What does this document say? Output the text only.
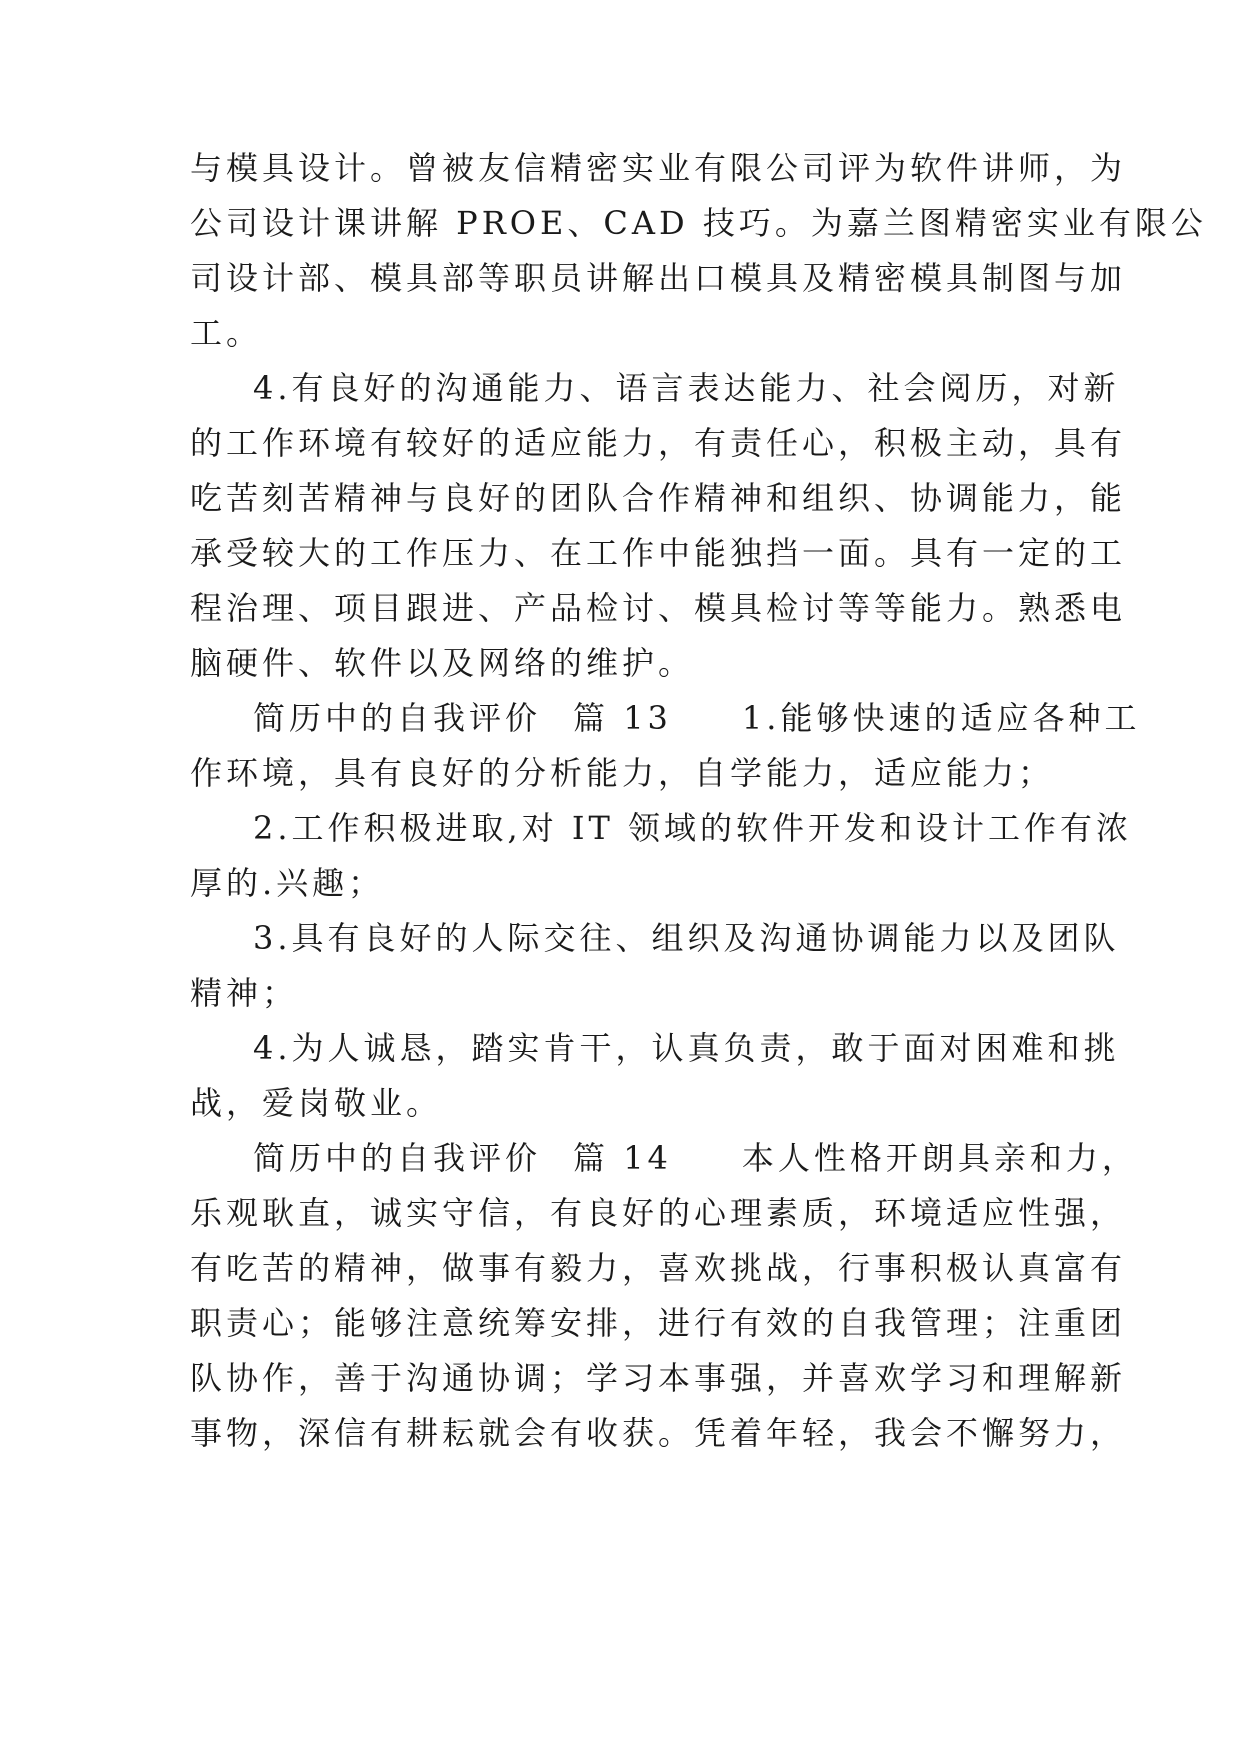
与模具设计。曾被友信精密实业有限公司评为软件讲师，为
公司设计课讲解 PROE、CAD 技巧。为嘉兰图精密实业有限公
司设计部、模具部等职员讲解出口模具及精密模具制图与加
工。
4.有良好的沟通能力、语言表达能力、社会阅历，对新
的工作环境有较好的适应能力，有责任心，积极主动，具有
吃苦刻苦精神与良好的团队合作精神和组织、协调能力，能
承受较大的工作压力、在工作中能独挡一面。具有一定的工
程治理、项目跟进、产品检讨、模具检讨等等能力。熟悉电
脑硬件、软件以及网络的维护。
简历中的自我评价 篇 13 1.能够快速的适应各种工
作环境，具有良好的分析能力，自学能力，适应能力；
2.工作积极进取,对 IT 领域的软件开发和设计工作有浓
厚的.兴趣；
3.具有良好的人际交往、组织及沟通协调能力以及团队
精神；
4.为人诚恳，踏实肯干，认真负责，敢于面对困难和挑
战，爱岗敬业。
简历中的自我评价 篇 14 本人性格开朗具亲和力，
乐观耿直，诚实守信，有良好的心理素质，环境适应性强，
有吃苦的精神，做事有毅力，喜欢挑战，行事积极认真富有
职责心；能够注意统筹安排，进行有效的自我管理；注重团
队协作，善于沟通协调；学习本事强，并喜欢学习和理解新
事物，深信有耕耘就会有收获。凭着年轻，我会不懈努力，
